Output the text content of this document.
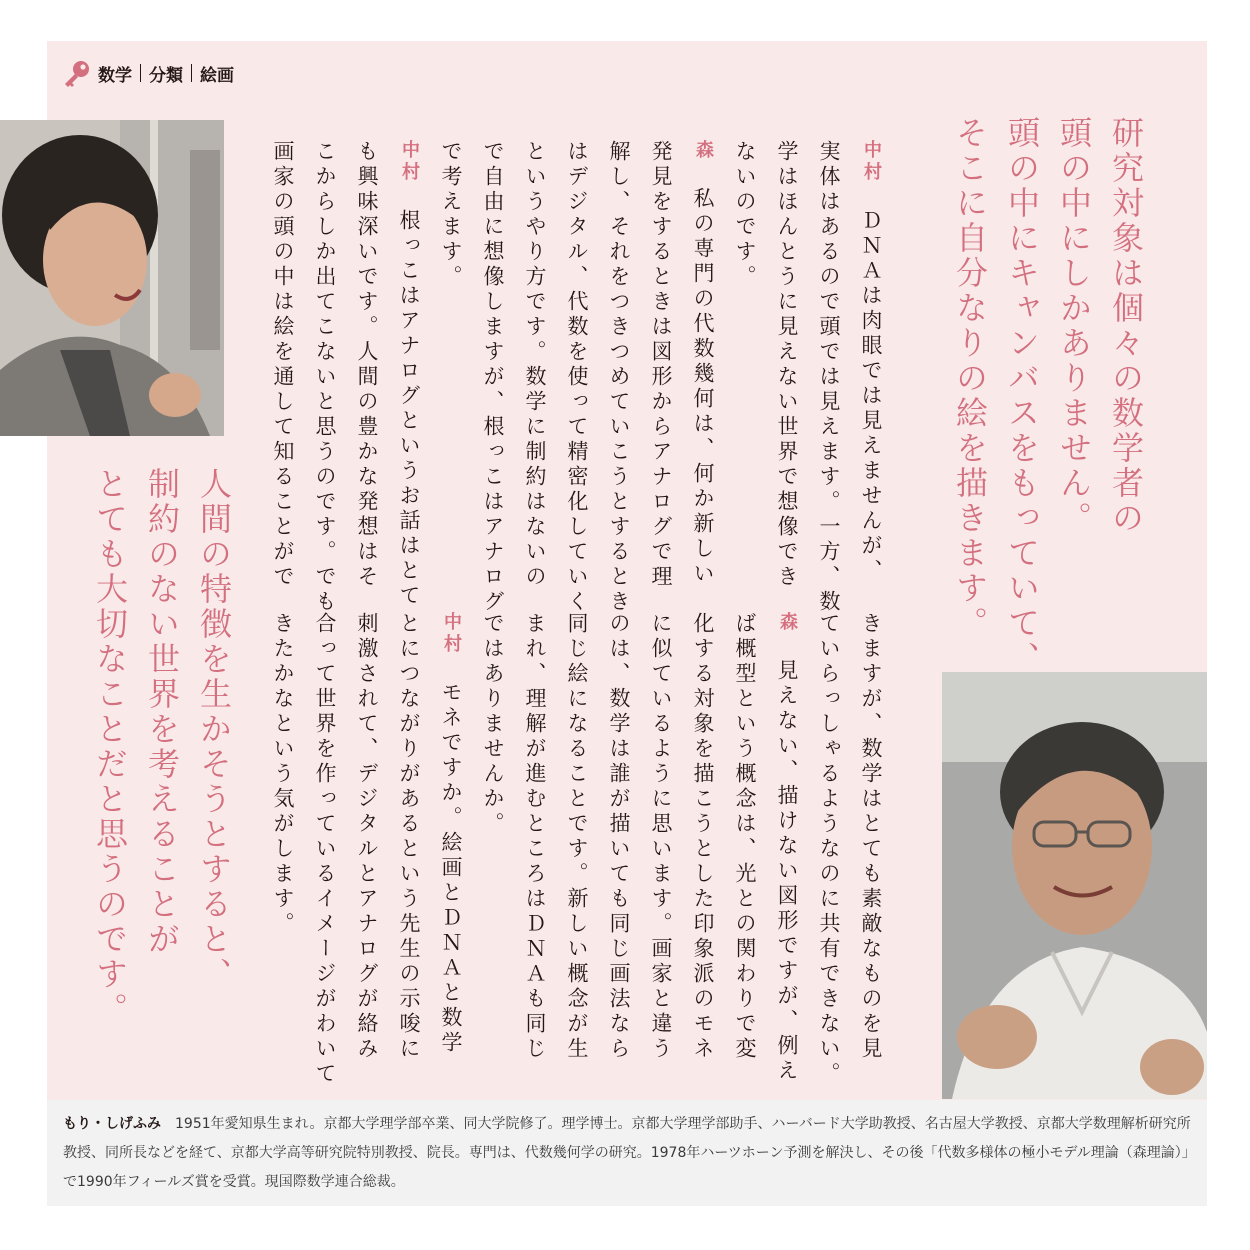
数学 分類 絵画
研究対象は個々の数学者の
頭の中にしかありません。
頭の中にキャンバスをもっていて、
そこに自分なりの絵を描きます。
人間の特徴を生かそうとすると、
制約のない世界を考えることが
とても大切なことだと思うのです。
中村　ＤＮＡは肉眼では見えませんが、
実体はあるので頭では見えます。一方、数
学はほんとうに見えない世界で想像でき
ないのです。
森　私の専門の代数幾何は、何か新しい
発見をするときは図形からアナログで理
解し、それをつきつめていこうとするとき
はデジタル、代数を使って精密化していく
というやり方です。数学に制約はないの
で自由に想像しますが、根っこはアナログ
で考えます。
中村　根っこはアナログというお話はとて
も興味深いです。人間の豊かな発想はそ
こからしか出てこないと思うのです。でも
画家の頭の中は絵を通して知ることがで
きますが、数学はとても素敵なものを見
ていらっしゃるようなのに共有できない。
森　見えない、描けない図形ですが、例え
ば概型という概念は、光との関わりで変
化する対象を描こうとした印象派のモネ
に似ているように思います。画家と違う
のは、数学は誰が描いても同じ画法なら
同じ絵になることです。新しい概念が生
まれ、理解が進むところはＤＮＡも同じ
ではありませんか。
中村　モネですか。絵画とＤＮＡと数学
とにつながりがあるという先生の示唆に
刺激されて、デジタルとアナログが絡み
合って世界を作っているイメージがわいて
きたかなという気がします。

もり・しげふみ 1951年愛知県生まれ。京都大学理学部卒業、同大学院修了。理学博士。京都大学理学部助手、ハーバード大学助教授、名古屋大学教授、京都大学数理解析研究所教授、同所長などを経て、京都大学高等研究院特別教授、院長。専門は、代数幾何学の研究。1978年ハーツホーン予測を解決し、その後「代数多様体の極小モデル理論（森理論）」で1990年フィールズ賞を受賞。現国際数学連合総裁。
